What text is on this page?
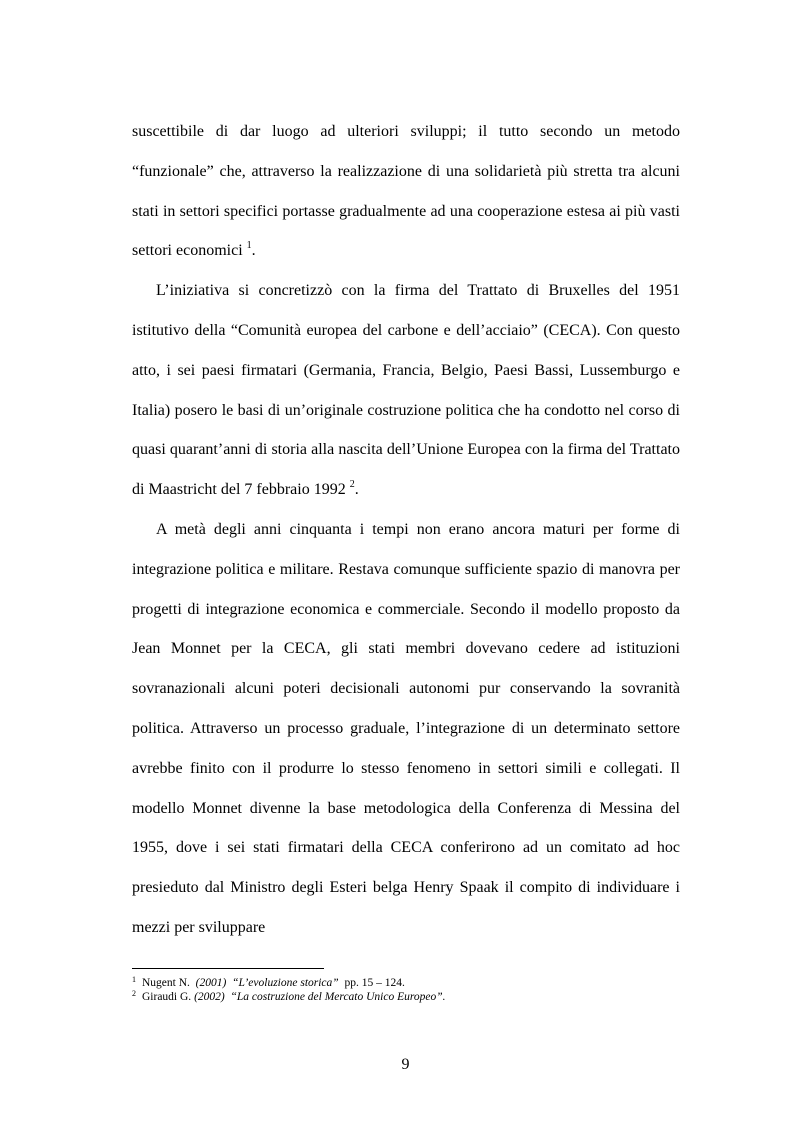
suscettibile di dar luogo ad ulteriori sviluppi; il tutto secondo un metodo “funzionale” che, attraverso la realizzazione di una solidarietà più stretta tra alcuni stati in settori specifici portasse gradualmente ad una cooperazione estesa ai più vasti settori economici $^1$.

L’iniziativa si concretizzò con la firma del Trattato di Bruxelles del 1951 istitutivo della “Comunità europea del carbone e dell’acciaio” (CECA). Con questo atto, i sei paesi firmatari (Germania, Francia, Belgio, Paesi Bassi, Lussemburgo e Italia) posero le basi di un’originale costruzione politica che ha condotto nel corso di quasi quarant’anni di storia alla nascita dell’Unione Europea con la firma del Trattato di Maastricht del 7 febbraio 1992 $^2$.

A metà degli anni cinquanta i tempi non erano ancora maturi per forme di integrazione politica e militare. Restava comunque sufficiente spazio di manovra per progetti di integrazione economica e commerciale. Secondo il modello proposto da Jean Monnet per la CECA, gli stati membri dovevano cedere ad istituzioni sovranazionali alcuni poteri decisionali autonomi pur conservando la sovranità politica. Attraverso un processo graduale, l’integrazione di un determinato settore avrebbe finito con il produrre lo stesso fenomeno in settori simili e collegati. Il modello Monnet divenne la base metodologica della Conferenza di Messina del 1955, dove i sei stati firmatari della CECA conferirono ad un comitato ad hoc presieduto dal Ministro degli Esteri belga Henry Spaak il compito di individuare i mezzi per sviluppare

$^1$ Nugent N. (2001) “L’evoluzione storica” pp. 15 – 124.
$^2$ Giraudi G. (2002) “La costruzione del Mercato Unico Europeo”.
9
